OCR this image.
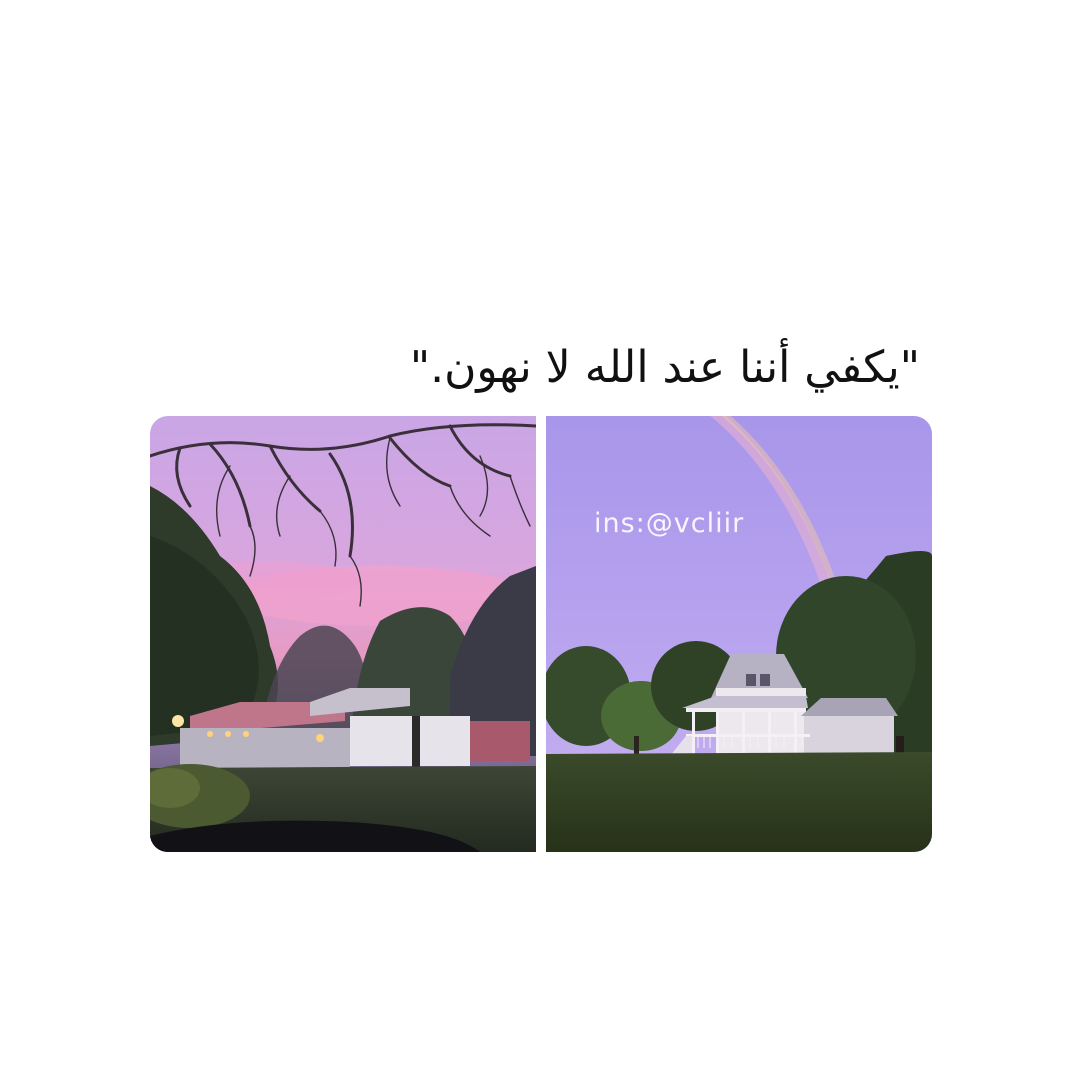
"يكفي أننا عند الله لا نهون."
ins:@vcliir
